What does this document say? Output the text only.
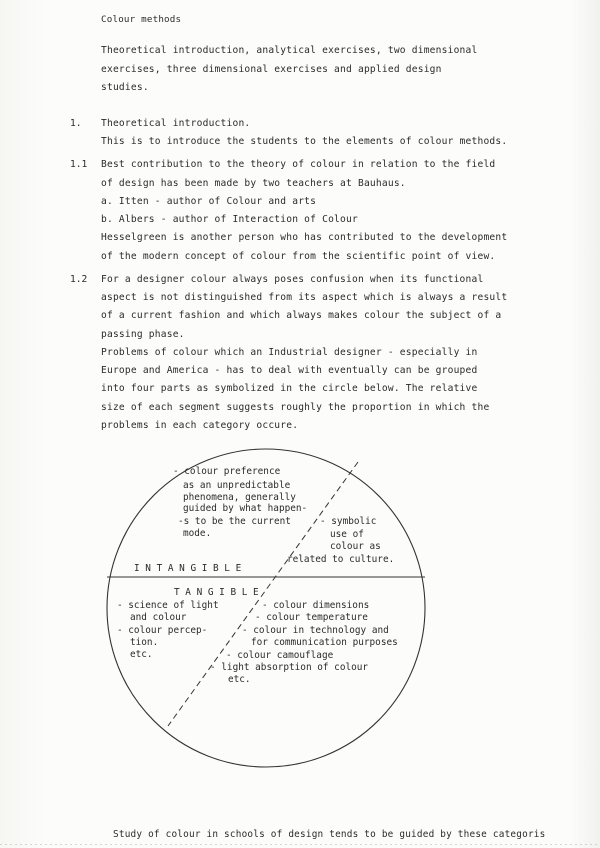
Colour methods
Theoretical introduction, analytical exercises, two dimensional
exercises, three dimensional exercises and applied design
studies.
1. Theoretical introduction.
This is to introduce the students to the elements of colour methods.
1.1 Best contribution to the theory of colour in relation to the field
of design has been made by two teachers at Bauhaus.
a. Itten - author of Colour and arts
b. Albers - author of Interaction of Colour
Hesselgreen is another person who has contributed to the development
of the modern concept of colour from the scientific point of view.
1.2 For a designer colour always poses confusion when its functional
aspect is not distinguished from its aspect which is always a result
of a current fashion and which always makes colour the subject of a
passing phase.
Problems of colour which an Industrial designer - especially in
Europe and America - has to deal with eventually can be grouped
into four parts as symbolized in the circle below. The relative
size of each segment suggests roughly the proportion in which the
problems in each category occure.
- colour preference
as an unpredictable
phenomena, generally
guided by what happen-
-s to be the current
mode.
- symbolic
use of
colour as
related to culture.
I N T A N G I B L E
T A N G I B L E
- science of light
and colour
- colour percep-
tion.
etc.
- colour dimensions
- colour temperature
- colour in technology and
for communication purposes
- colour camouflage
- light absorption of colour
etc.
Study of colour in schools of design tends to be guided by these categoris
